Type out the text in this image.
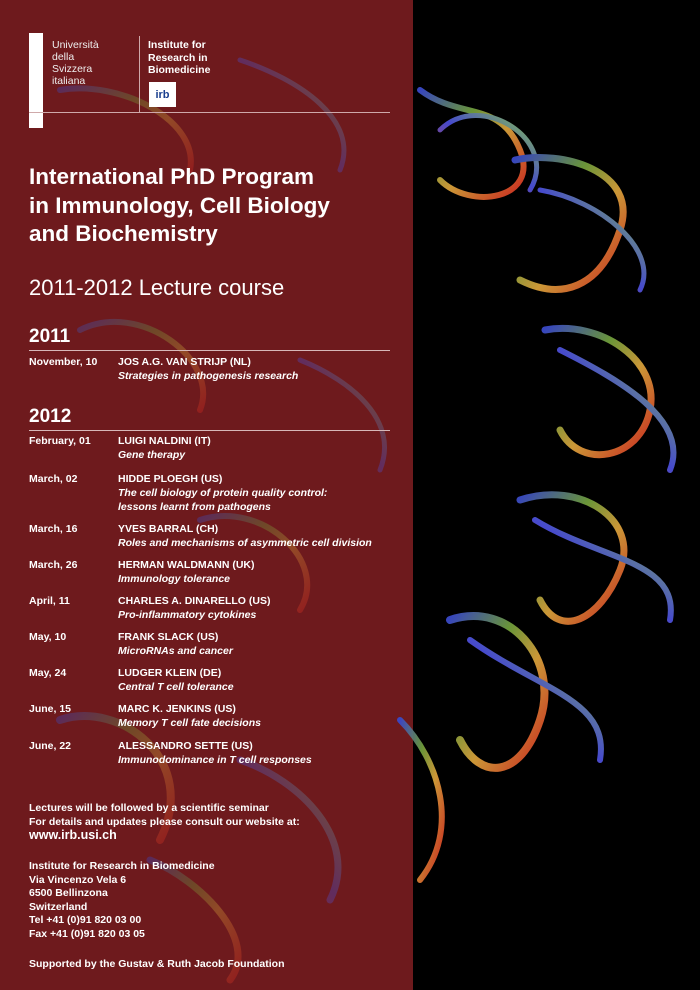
Università
della
Svizzera
italiana
Institute for
Research in
Biomedicine
irb
International PhD Program
in Immunology, Cell Biology
and Biochemistry
2011-2012 Lecture course
2011
November, 10	JOS A.G. VAN STRIJP (NL)
Strategies in pathogenesis research
2012
February, 01	LUIGI NALDINI (IT)
Gene therapy
March, 02	HIDDE PLOEGH (US)
The cell biology of protein quality control:
lessons learnt from pathogens
March, 16	YVES BARRAL (CH)
Roles and mechanisms of asymmetric cell division
March, 26	HERMAN WALDMANN (UK)
Immunology tolerance
April, 11	CHARLES A. DINARELLO (US)
Pro-inflammatory cytokines
May, 10	FRANK SLACK (US)
MicroRNAs and cancer
May, 24	LUDGER KLEIN (DE)
Central T cell tolerance
June, 15	MARC K. JENKINS (US)
Memory T cell fate decisions
June, 22	ALESSANDRO SETTE (US)
Immunodominance in T cell responses
Lectures will be followed by a scientific seminar
For details and updates please consult our website at:
www.irb.usi.ch
Institute for Research in Biomedicine
Via Vincenzo Vela 6
6500 Bellinzona
Switzerland
Tel +41 (0)91 820 03 00
Fax +41 (0)91 820 03 05
Supported by the Gustav & Ruth Jacob Foundation
